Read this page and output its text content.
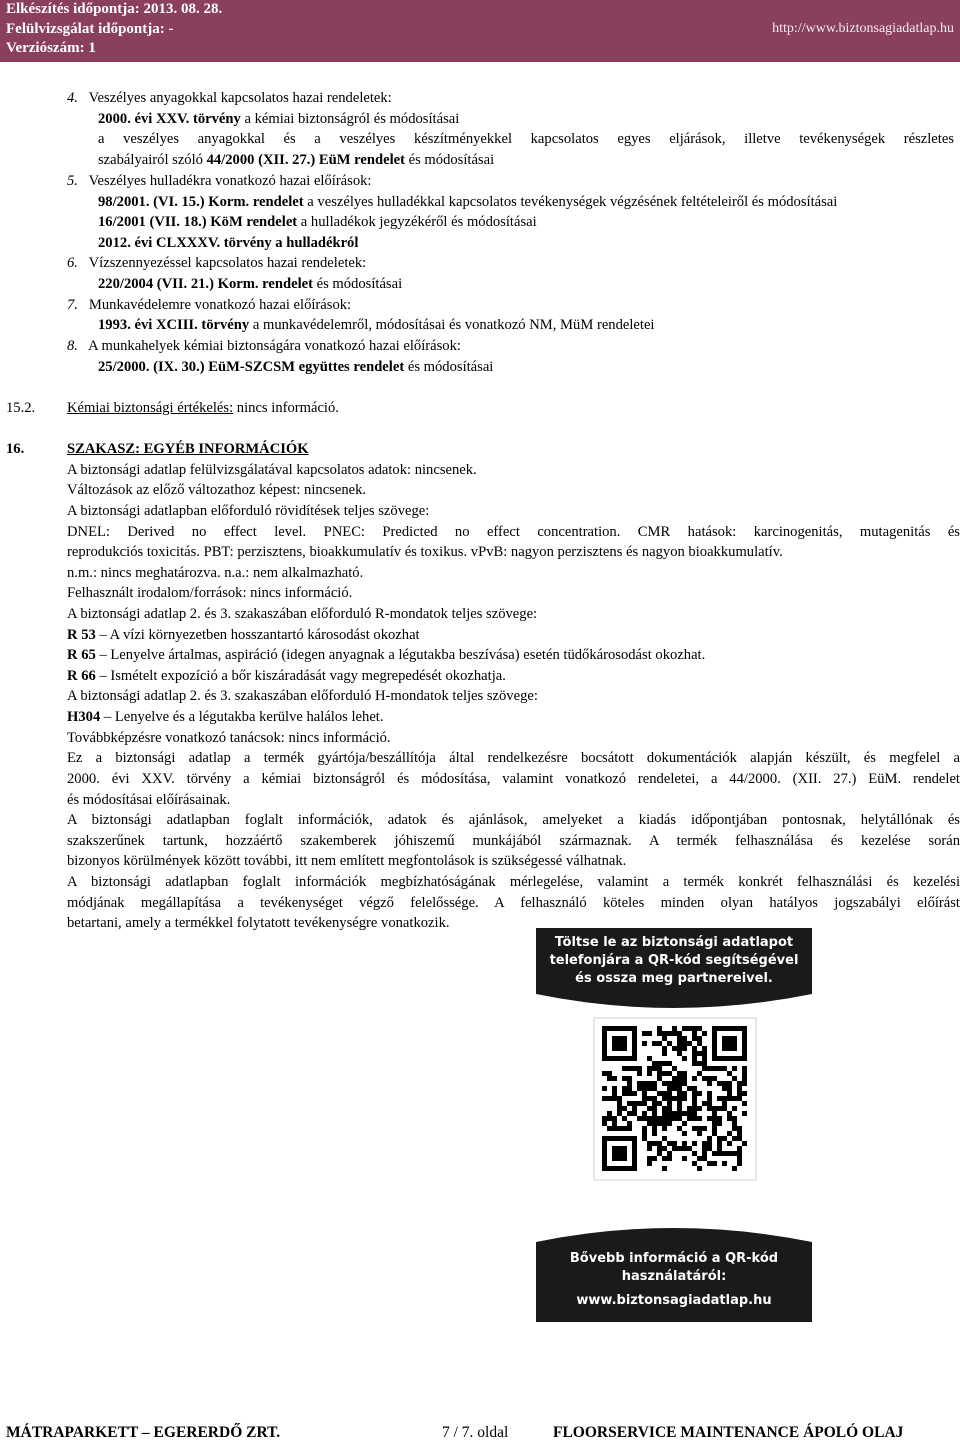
Elkészítés időpontja: 2013. 08. 28.
Felülvizsgálat időpontja: -
Verziószám: 1
http://www.biztonsagiadatlap.hu
4. Veszélyes anyagokkal kapcsolatos hazai rendeletek:
2000. évi XXV. törvény a kémiai biztonságról és módosításai
a veszélyes anyagokkal és a veszélyes készítményekkel kapcsolatos egyes eljárások, illetve tevékenységek részletes
szabályairól szóló 44/2000 (XII. 27.) EüM rendelet és módosításai
5. Veszélyes hulladékra vonatkozó hazai előírások:
98/2001. (VI. 15.) Korm. rendelet a veszélyes hulladékkal kapcsolatos tevékenységek végzésének feltételeiről és módosításai
16/2001 (VII. 18.) KöM rendelet a hulladékok jegyzékéről és módosításai
2012. évi CLXXXV. törvény a hulladékról
6. Vízszennyezéssel kapcsolatos hazai rendeletek:
220/2004 (VII. 21.) Korm. rendelet és módosításai
7. Munkavédelemre vonatkozó hazai előírások:
1993. évi XCIII. törvény a munkavédelemről, módosításai és vonatkozó NM, MüM rendeletei
8. A munkahelyek kémiai biztonságára vonatkozó hazai előírások:
25/2000. (IX. 30.) EüM-SZCSM együttes rendelet és módosításai
15.2. Kémiai biztonsági értékelés: nincs információ.
16.	SZAKASZ: EGYÉB INFORMÁCIÓK
A biztonsági adatlap felülvizsgálatával kapcsolatos adatok: nincsenek.
Változások az előző változathoz képest: nincsenek.
A biztonsági adatlapban előforduló rövidítések teljes szövege:
DNEL: Derived no effect level. PNEC: Predicted no effect concentration. CMR hatások: karcinogenitás, mutagenitás és
reprodukciós toxicitás. PBT: perzisztens, bioakkumulatív és toxikus. vPvB: nagyon perzisztens és nagyon bioakkumulatív.
n.m.: nincs meghatározva. n.a.: nem alkalmazható.
Felhasznált irodalom/források: nincs információ.
A biztonsági adatlap 2. és 3. szakaszában előforduló R-mondatok teljes szövege:
R 53 – A vízi környezetben hosszantartó károsodást okozhat
R 65 – Lenyelve ártalmas, aspiráció (idegen anyagnak a légutakba beszívása) esetén tüdőkárosodást okozhat.
R 66 – Ismételt expozíció a bőr kiszáradását vagy megrepedését okozhatja.
A biztonsági adatlap 2. és 3. szakaszában előforduló H-mondatok teljes szövege:
H304 – Lenyelve és a légutakba kerülve halálos lehet.
Továbbképzésre vonatkozó tanácsok: nincs információ.
Ez a biztonsági adatlap a termék gyártója/beszállítója által rendelkezésre bocsátott dokumentációk alapján készült, és megfelel a
2000. évi XXV. törvény a kémiai biztonságról és módosítása, valamint vonatkozó rendeletei, a 44/2000. (XII. 27.) EüM. rendelet
és módosításai előírásainak.
A biztonsági adatlapban foglalt információk, adatok és ajánlások, amelyeket a kiadás időpontjában pontosnak, helytállónak és
szakszerűnek tartunk, hozzáértő szakemberek jóhiszemű munkájából származnak. A termék felhasználása és kezelése során
bizonyos körülmények között további, itt nem említett megfontolások is szükségessé válhatnak.
A biztonsági adatlapban foglalt információk megbízhatóságának mérlegelése, valamint a termék konkrét felhasználási és kezelési
módjának megállapítása a tevékenységet végző felelőssége. A felhasználó köteles minden olyan hatályos jogszabályi előírást
betartani, amely a termékkel folytatott tevékenységre vonatkozik.
Töltse le az biztonsági adatlapot
telefonjára a QR-kód segítségével
és ossza meg partnereivel.
Bővebb információ a QR-kód
használatáról:
www.biztonsagiadatlap.hu
MÁTRAPARKETT – EGERERDŐ ZRT.	7 / 7. oldal	FLOORSERVICE MAINTENANCE ÁPOLÓ OLAJ
